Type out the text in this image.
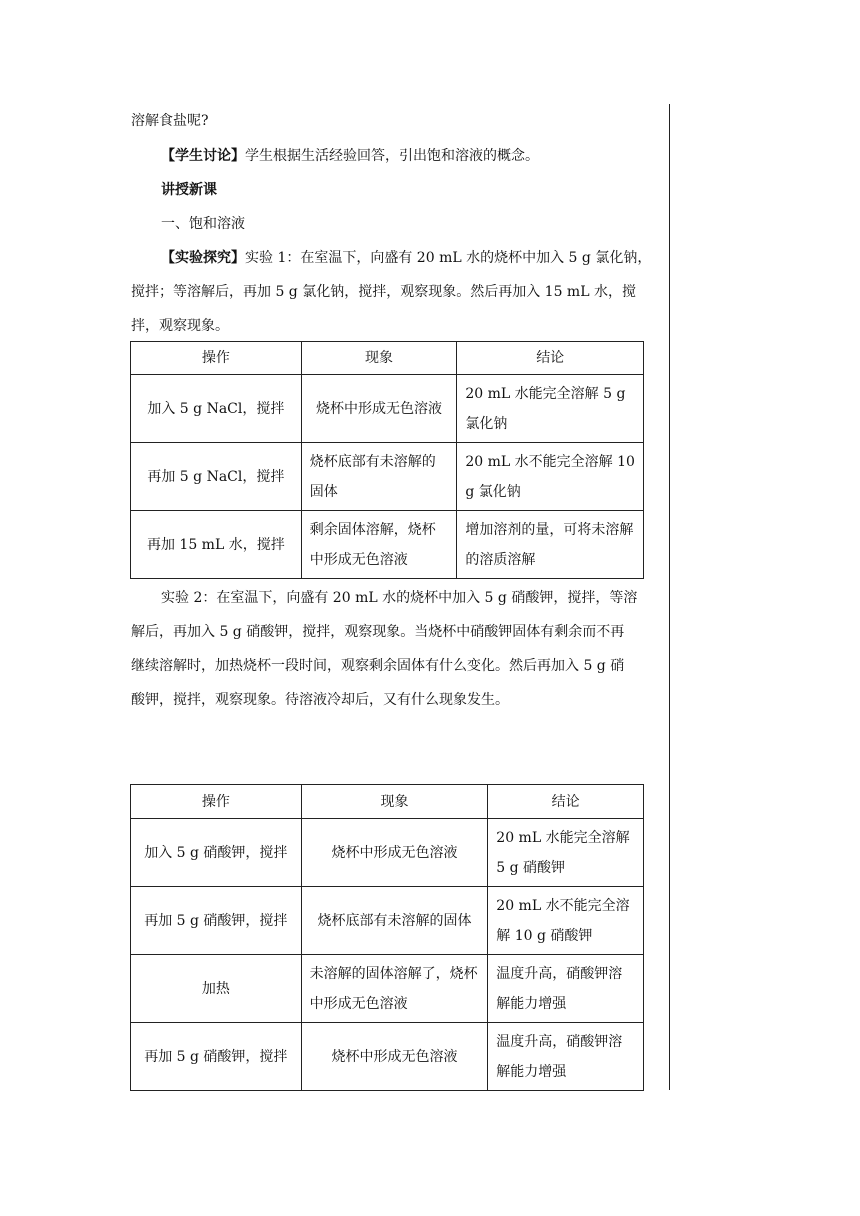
溶解食盐呢?
【学生讨论】学生根据生活经验回答，引出饱和溶液的概念。
讲授新课
一、饱和溶液
【实验探究】实验 1：在室温下，向盛有 20 mL 水的烧杯中加入 5 g 氯化钠，
搅拌；等溶解后，再加 5 g 氯化钠，搅拌，观察现象。然后再加入 15 mL 水，搅
拌，观察现象。
操作	现象	结论
加入 5 g NaCl，搅拌	烧杯中形成无色溶液	20 mL 水能完全溶解 5 g 氯化钠
再加 5 g NaCl，搅拌	烧杯底部有未溶解的固体	20 mL 水不能完全溶解 10 g 氯化钠
再加 15 mL 水，搅拌	剩余固体溶解，烧杯中形成无色溶液	增加溶剂的量，可将未溶解的溶质溶解
实验 2：在室温下，向盛有 20 mL 水的烧杯中加入 5 g 硝酸钾，搅拌，等溶
解后，再加入 5 g 硝酸钾，搅拌，观察现象。当烧杯中硝酸钾固体有剩余而不再
继续溶解时，加热烧杯一段时间，观察剩余固体有什么变化。然后再加入 5 g 硝
酸钾，搅拌，观察现象。待溶液冷却后，又有什么现象发生。
操作	现象	结论
加入 5 g 硝酸钾，搅拌	烧杯中形成无色溶液	20 mL 水能完全溶解 5 g 硝酸钾
再加 5 g 硝酸钾，搅拌	烧杯底部有未溶解的固体	20 mL 水不能完全溶解 10 g 硝酸钾
加热	未溶解的固体溶解了，烧杯中形成无色溶液	温度升高，硝酸钾溶解能力增强
再加 5 g 硝酸钾，搅拌	烧杯中形成无色溶液	温度升高，硝酸钾溶解能力增强
